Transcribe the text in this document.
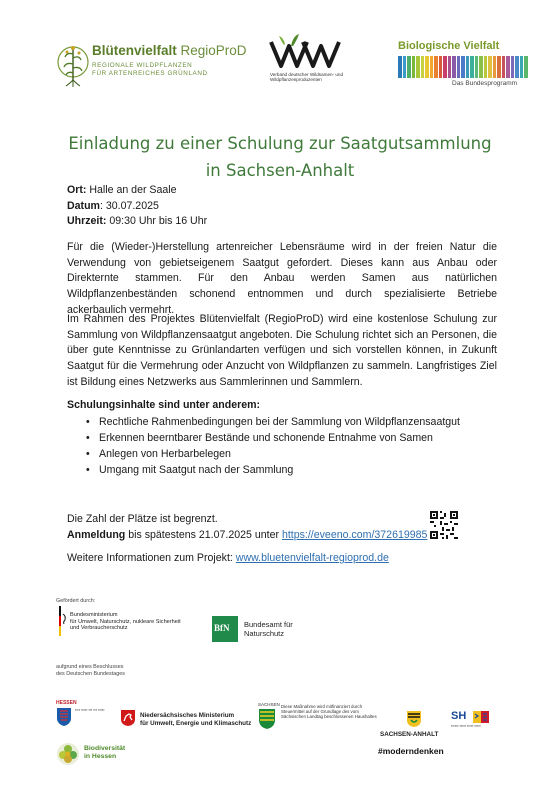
Blütenvielfalt RegioProD
REGIONALE WILDPFLANZEN
FÜR ARTENREICHES GRÜNLAND	Verband deutscher Wildsamen- und Wildpflanzenproduzenten
Biologische Vielfalt
Das Bundesprogramm
Einladung zu einer Schulung zur Saatgutsammlung
in Sachsen-Anhalt
Ort: Halle an der Saale
Datum: 30.07.2025
Uhrzeit: 09:30 Uhr bis 16 Uhr
Für die (Wieder-)Herstellung artenreicher Lebensräume wird in der freien Natur die Verwendung von gebietseigenem Saatgut gefordert. Dieses kann aus Anbau oder Direkternte stammen. Für den Anbau werden Samen aus natürlichen Wildpflanzenbeständen schonend entnommen und durch spezialisierte Betriebe ackerbaulich vermehrt.
Im Rahmen des Projektes Blütenvielfalt (RegioProD) wird eine kostenlose Schulung zur Sammlung von Wildpflanzensaatgut angeboten. Die Schulung richtet sich an Personen, die über gute Kenntnisse zu Grünlandarten verfügen und sich vorstellen können, in Zukunft Saatgut für die Vermehrung oder Anzucht von Wildpflanzen zu sammeln. Langfristiges Ziel ist Bildung eines Netzwerks aus Sammlerinnen und Sammlern.
Schulungsinhalte sind unter anderem:
• Rechtliche Rahmenbedingungen bei der Sammlung von Wildpflanzensaatgut
• Erkennen beerntbarer Bestände und schonende Entnahme von Samen
• Anlegen von Herbarbelegen
• Umgang mit Saatgut nach der Sammlung
Die Zahl der Plätze ist begrenzt.
Anmeldung bis spätestens 21.07.2025 unter https://eveeno.com/372619985
Weitere Informationen zum Projekt: www.bluetenvielfalt-regioprod.de
Gefördert durch:
Bundesministerium
für Umwelt, Naturschutz, nukleare Sicherheit
und Verbraucherschutz	BfN Bundesamt für
Naturschutz
aufgrund eines Beschlusses
des Deutschen Bundestages
HESSEN
▪▪▪▪ ▪▪▪▪▪ ▪▪▪ ▪▪▪ ▪▪▪▪▪
Niedersächsisches Ministerium
für Umwelt, Energie und Klimaschutz
SACHSEN Diese Maßnahme wird mitfinanziert durch
Steuermittel auf der Grundlage des vom
Sächsischen Landtag beschlossenen Haushaltes
SACHSEN-ANHALT
#moderndenken
SH
▪▪▪▪▪▪ ▪▪▪▪▪ ▪▪▪▪▪ ▪▪▪▪▪
Biodiversität
in Hessen
